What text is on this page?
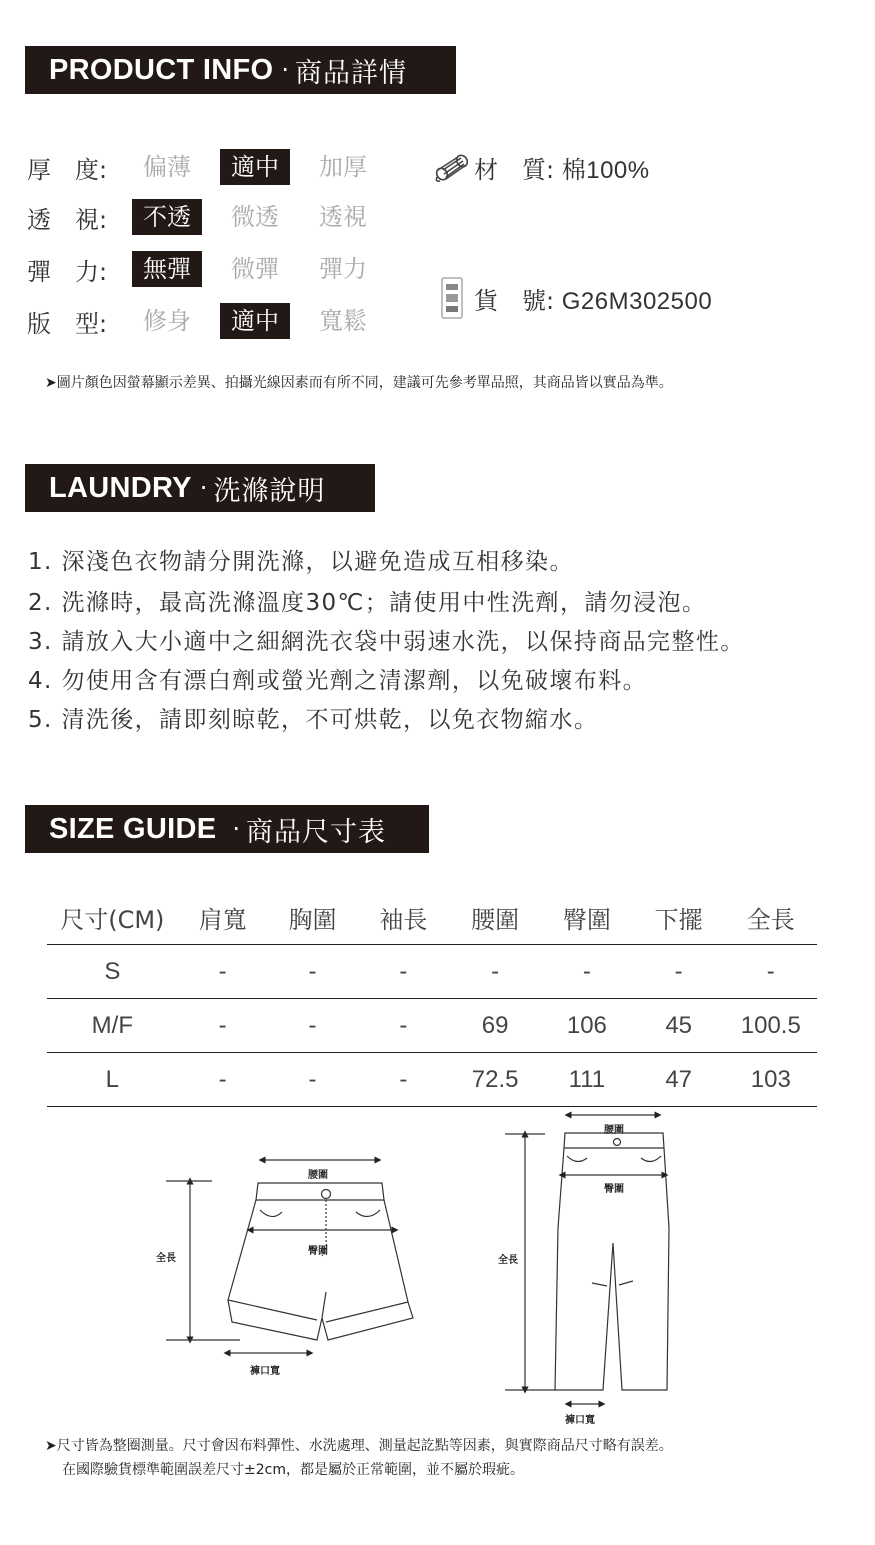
PRODUCT INFO · 商品詳情
厚　度:	偏薄	適中	加厚
透　視:	不透	微透	透視
彈　力:	無彈	微彈	彈力
版　型:	修身	適中	寬鬆
材　質: 棉100%
貨　號: G26M302500
➤圖片顏色因螢幕顯示差異、拍攝光線因素而有所不同，建議可先參考單品照，其商品皆以實品為準。
LAUNDRY · 洗滌說明
1. 深淺色衣物請分開洗滌，以避免造成互相移染。
2. 洗滌時，最高洗滌溫度30℃；請使用中性洗劑，請勿浸泡。
3. 請放入大小適中之細網洗衣袋中弱速水洗，以保持商品完整性。
4. 勿使用含有漂白劑或螢光劑之清潔劑，以免破壞布料。
5. 清洗後，請即刻晾乾，不可烘乾，以免衣物縮水。
SIZE GUIDE · 商品尺寸表
尺寸(CM)	肩寬	胸圍	袖長	腰圍	臀圍	下擺	全長
S	-	-	-	-	-	-	-
M/F	-	-	-	69	106	45	100.5
L	-	-	-	72.5	111	47	103
腰圍
臀圍
全長
褲口寬
腰圍
臀圍
全長
褲口寬
➤尺寸皆為整圈測量。尺寸會因布料彈性、水洗處理、測量起訖點等因素，與實際商品尺寸略有誤差。
在國際驗貨標準範圍誤差尺寸±2cm，都是屬於正常範圍，並不屬於瑕疵。
